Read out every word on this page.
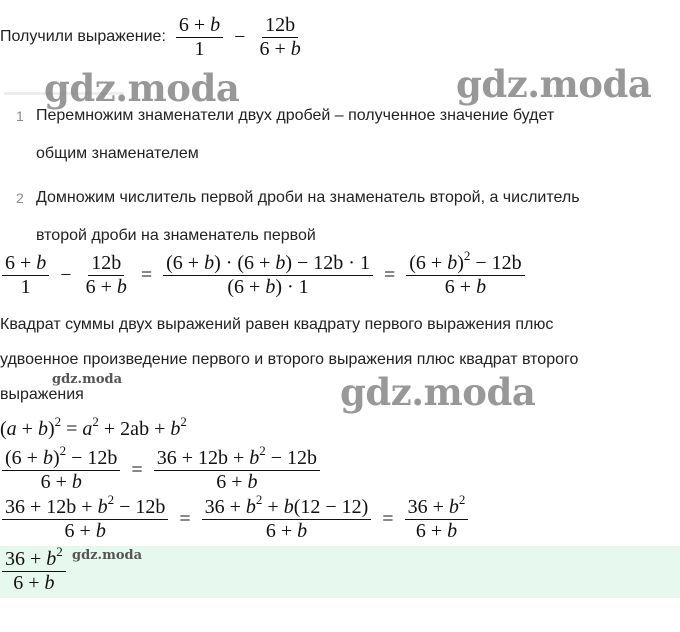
Получили выражение: $\frac{6 + b}{1} - \frac{12b}{6 + b}$
gdz.moda	gdz.moda
gdz.moda
gdz.moda
1 Перемножим знаменатели двух дробей – полученное значение будет
общим знаменателем
2 Домножим числитель первой дроби на знаменатель второй, а числитель
второй дроби на знаменатель первой
$\frac{6 + b}{1} - \frac{12b}{6 + b} = \frac{(6 + b) \cdot (6 + b) - 12b \cdot 1}{(6 + b) \cdot 1} = \frac{(6 + b)^2 - 12b}{6 + b}$
Квадрат суммы двух выражений равен квадрату первого выражения плюс
удвоенное произведение первого и второго выражения плюс квадрат второго
выражения
$(a + b)^2 = a^2 + 2ab + b^2$
$\frac{(6 + b)^2 - 12b}{6 + b} = \frac{36 + 12b + b^2 - 12b}{6 + b}$
$\frac{36 + 12b + b^2 - 12b}{6 + b} = \frac{36 + b^2 + b(12 - 12)}{6 + b} = \frac{36 + b^2}{6 + b}$
$\frac{36 + b^2}{6 + b}$ gdz.moda
